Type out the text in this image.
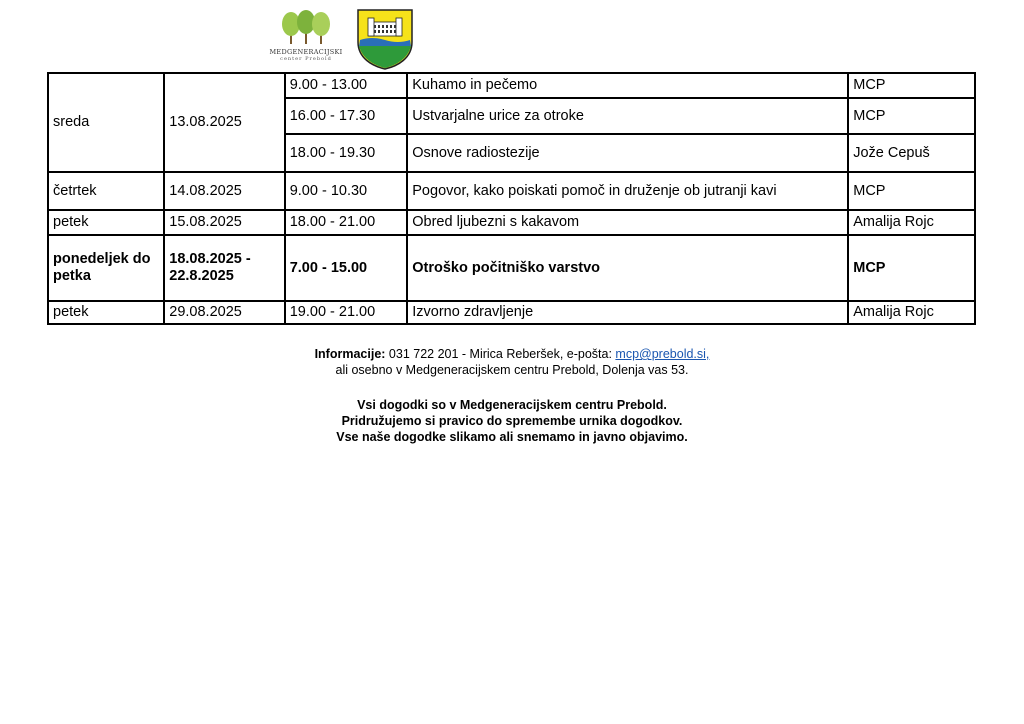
MEDGENERACIJSKI
center Prebold
sreda	13.08.2025	9.00 - 13.00	Kuhamo in pečemo	MCP
		16.00 - 17.30	Ustvarjalne urice za otroke	MCP
		18.00 - 19.30	Osnove radiostezije	Jože Cepuš
četrtek	14.08.2025	9.00 - 10.30	Pogovor, kako poiskati pomoč in druženje ob jutranji kavi	MCP
petek	15.08.2025	18.00 - 21.00	Obred ljubezni s kakavom	Amalija Rojc
ponedeljek do petka	18.08.2025 - 22.8.2025	7.00 - 15.00	Otroško počitniško varstvo	MCP
petek	29.08.2025	19.00 - 21.00	Izvorno zdravljenje	Amalija Rojc
Informacije: 031 722 201 - Mirica Reberšek, e-pošta: mcp@prebold.si,
ali osebno v Medgeneracijskem centru Prebold, Dolenja vas 53.
Vsi dogodki so v Medgeneracijskem centru Prebold.
Pridružujemo si pravico do spremembe urnika dogodkov.
Vse naše dogodke slikamo ali snemamo in javno objavimo.
